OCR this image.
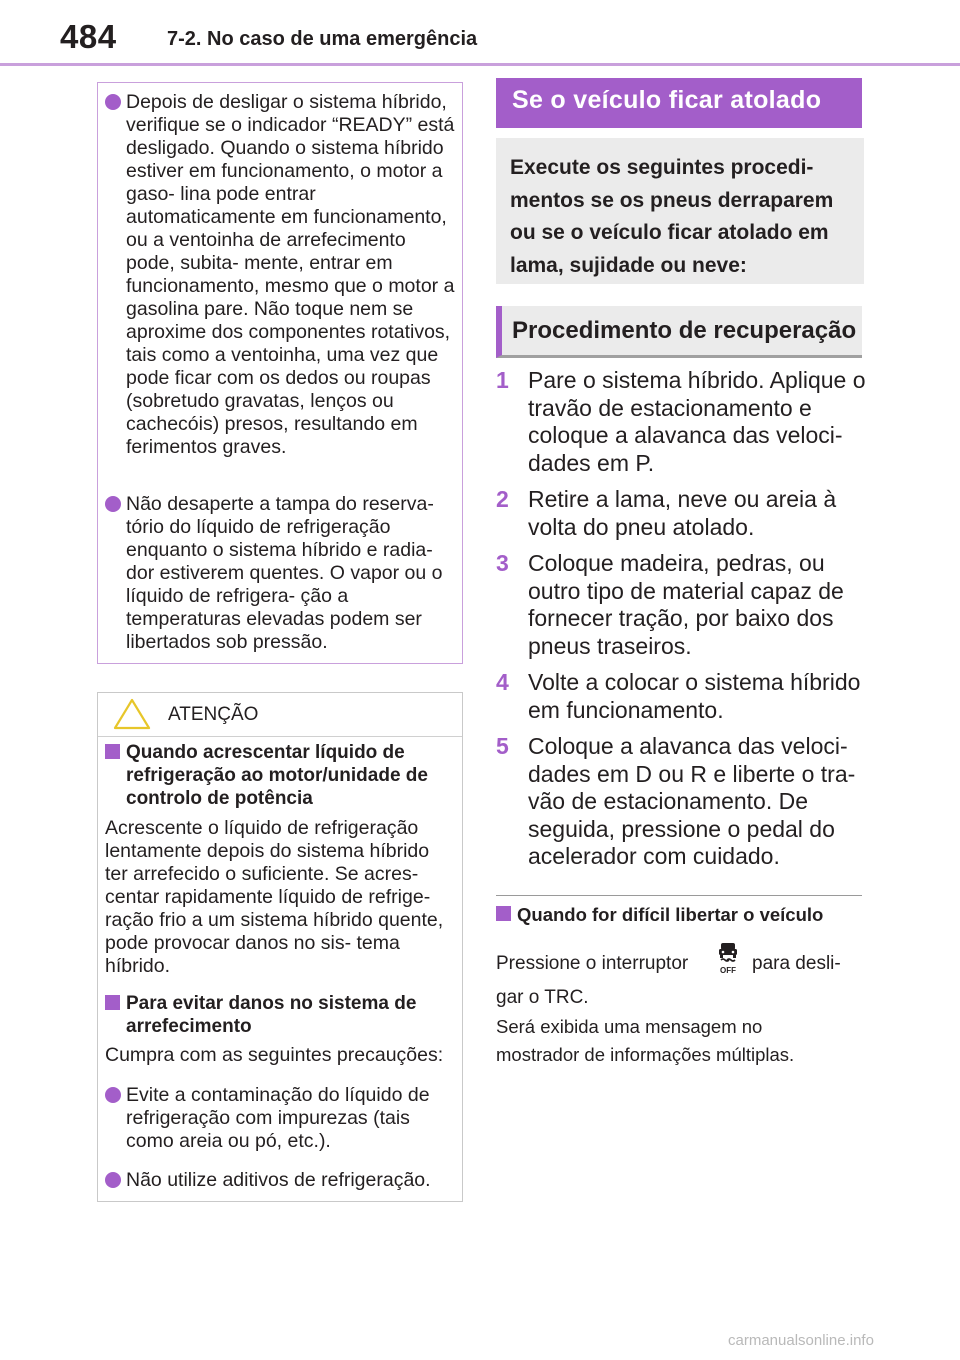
484	7-2. No caso de uma emergência
Depois de desligar o sistema híbrido, verifique se o indicador “READY” está desligado. Quando o sistema híbrido estiver em funcionamento, o motor a gaso- lina pode entrar automaticamente em funcionamento, ou a ventoinha de arrefecimento pode, subita- mente, entrar em funcionamento, mesmo que o motor a gasolina pare. Não toque nem se aproxime dos componentes rotativos, tais como a ventoinha, uma vez que pode ficar com os dedos ou roupas (sobretudo gravatas, lenços ou cachecóis) presos, resultando em ferimentos graves.
Não desaperte a tampa do reserva- tório do líquido de refrigeração enquanto o sistema híbrido e radia- dor estiverem quentes. O vapor ou o líquido de refrigera- ção a temperaturas elevadas podem ser libertados sob pressão.
ATENÇÃO
Quando acrescentar líquido de refrigeração ao motor/unidade de controlo de potência
Acrescente o líquido de refrigeração lentamente depois do sistema híbrido ter arrefecido o suficiente. Se acres- centar rapidamente líquido de refrige- ração frio a um sistema híbrido quente, pode provocar danos no sis- tema híbrido.
Para evitar danos no sistema de arrefecimento
Cumpra com as seguintes precauções:
Evite a contaminação do líquido de refrigeração com impurezas (tais como areia ou pó, etc.).
Não utilize aditivos de refrigeração.
Se o veículo ficar atolado
Execute os seguintes procedi- mentos se os pneus derraparem ou se o veículo ficar atolado em lama, sujidade ou neve:
Procedimento de recuperação
1 Pare o sistema híbrido. Aplique o travão de estacionamento e coloque a alavanca das veloci- dades em P.
2 Retire a lama, neve ou areia à volta do pneu atolado.
3 Coloque madeira, pedras, ou outro tipo de material capaz de fornecer tração, por baixo dos pneus traseiros.
4 Volte a colocar o sistema híbrido em funcionamento.
5 Coloque a alavanca das veloci- dades em D ou R e liberte o tra- vão de estacionamento. De seguida, pressione o pedal do acelerador com cuidado.
Quando for difícil libertar o veículo
Pressione o interruptor	OFF para desli-
gar o TRC.
Será exibida uma mensagem no
mostrador de informações múltiplas.
carmanualsonline.info
